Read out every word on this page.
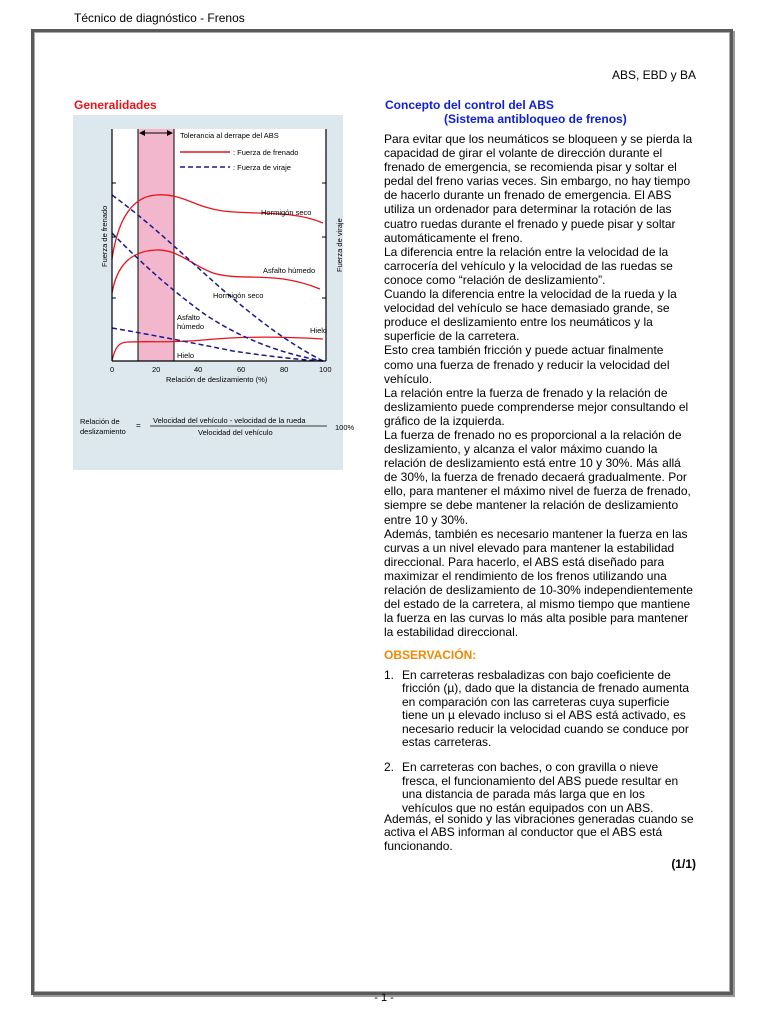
Técnico de diagnóstico - Frenos
ABS, EBD y BA
Generalidades
Tolerancia al derrape del ABS
: Fuerza de frenado
: Fuerza de viraje
Fuerza de frenado	Fuerza de viraje
0	20	40	60	80	100
Relación de deslizamiento (%)
Hormigón seco
Asfalto húmedo
Hormigón seco
Asfalto
húmedo	Hielo
Hielo
Relación de
deslizamiento
=
Velocidad del vehículo - velocidad de la rueda
Velocidad del vehículo
100%
Concepto del control del ABS
(Sistema antibloqueo de frenos)

Para evitar que los neumáticos se bloqueen y se pierda la capacidad de girar el volante de dirección durante el frenado de emergencia, se recomienda pisar y soltar el pedal del freno varias veces. Sin embargo, no hay tiempo de hacerlo durante un frenado de emergencia. El ABS utiliza un ordenador para determinar la rotación de las cuatro ruedas durante el frenado y puede pisar y soltar automáticamente el freno.

La diferencia entre la relación entre la velocidad de la carrocería del vehículo y la velocidad de las ruedas se conoce como “relación de deslizamiento”.

Cuando la diferencia entre la velocidad de la rueda y la velocidad del vehículo se hace demasiado grande, se produce el deslizamiento entre los neumáticos y la superficie de la carretera.

Esto crea también fricción y puede actuar finalmente como una fuerza de frenado y reducir la velocidad del vehículo.

La relación entre la fuerza de frenado y la relación de deslizamiento puede comprenderse mejor consultando el gráfico de la izquierda.

La fuerza de frenado no es proporcional a la relación de deslizamiento, y alcanza el valor máximo cuando la relación de deslizamiento está entre 10 y 30%. Más allá de 30%, la fuerza de frenado decaerá gradualmente. Por ello, para mantener el máximo nivel de fuerza de frenado, siempre se debe mantener la relación de deslizamiento entre 10 y 30%.

Además, también es necesario mantener la fuerza en las curvas a un nivel elevado para mantener la estabilidad direccional. Para hacerlo, el ABS está diseñado para maximizar el rendimiento de los frenos utilizando una relación de deslizamiento de 10-30% independientemente del estado de la carretera, al mismo tiempo que mantiene la fuerza en las curvas lo más alta posible para mantener la estabilidad direccional.

OBSERVACIÓN:
1. En carreteras resbaladizas con bajo coeficiente de fricción (µ), dado que la distancia de frenado aumenta en comparación con las carreteras cuya superficie tiene un µ elevado incluso si el ABS está activado, es necesario reducir la velocidad cuando se conduce por estas carreteras.
2. En carreteras con baches, o con gravilla o nieve fresca, el funcionamiento del ABS puede resultar en una distancia de parada más larga que en los vehículos que no están equipados con un ABS.
Además, el sonido y las vibraciones generadas cuando se activa el ABS informan al conductor que el ABS está funcionando.
(1/1)
- 1 -
